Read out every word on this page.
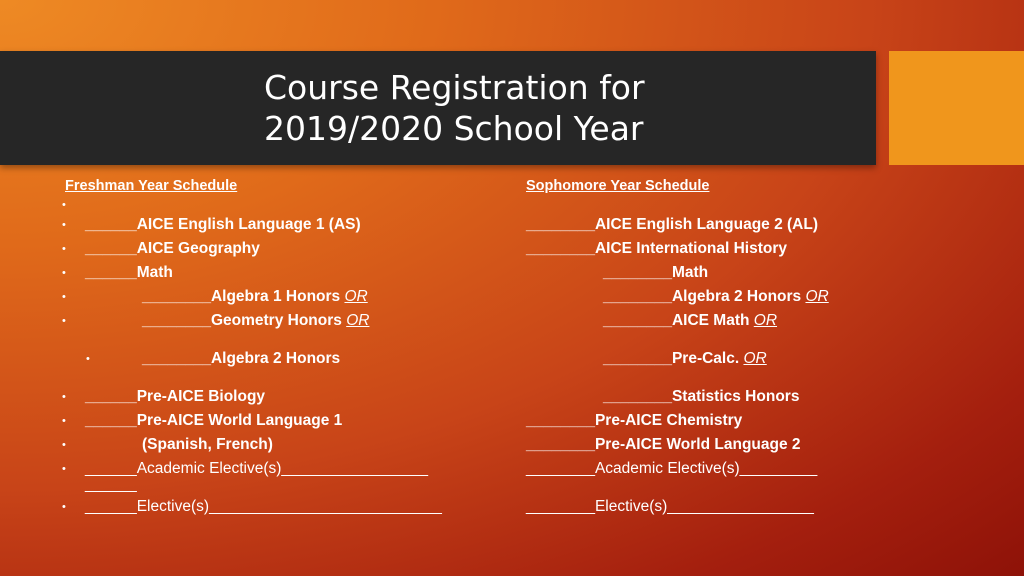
Course Registration for
2019/2020 School Year
Freshman Year Schedule
•
• ______AICE English Language 1 (AS)
• ______AICE Geography
• ______Math
•	________Algebra 1 Honors OR
•	________Geometry Honors OR
•	________Algebra 2 Honors
• ______Pre-AICE Biology
• ______Pre-AICE World Language 1
•	(Spanish, French)
• ______Academic Elective(s)_________________
______
• ______Elective(s)___________________________
Sophomore Year Schedule
________AICE English Language 2 (AL)
________AICE International History
________Math
________Algebra 2 Honors OR
________AICE Math OR
________Pre-Calc. OR
________Statistics Honors
________Pre-AICE Chemistry
________Pre-AICE World Language 2
________Academic Elective(s)_________
________Elective(s)_________________
